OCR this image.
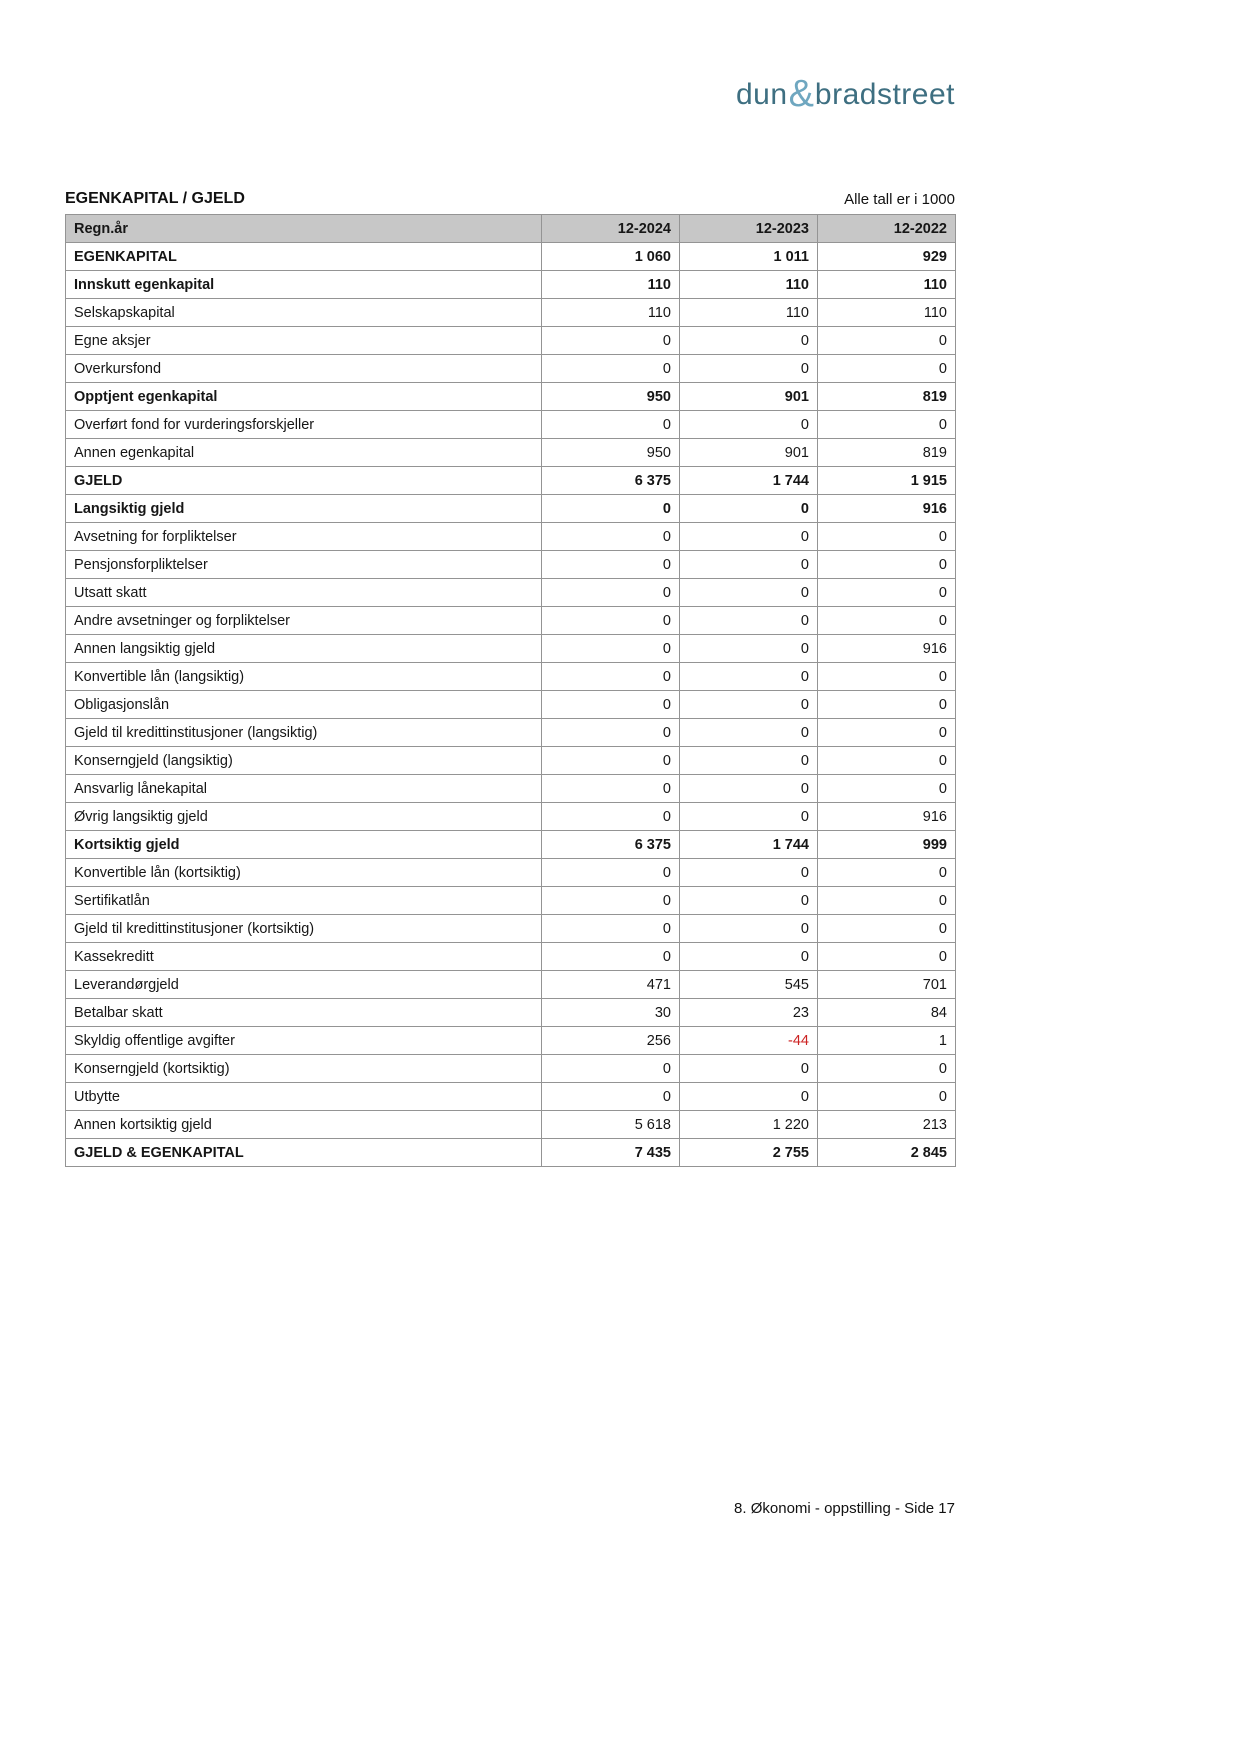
dun&bradstreet
EGENKAPITAL / GJELD	Alle tall er i 1000
Regn.år	12-2024	12-2023	12-2022
EGENKAPITAL	1 060	1 011	929
Innskutt egenkapital	110	110	110
Selskapskapital	110	110	110
Egne aksjer	0	0	0
Overkursfond	0	0	0
Opptjent egenkapital	950	901	819
Overført fond for vurderingsforskjeller	0	0	0
Annen egenkapital	950	901	819
GJELD	6 375	1 744	1 915
Langsiktig gjeld	0	0	916
Avsetning for forpliktelser	0	0	0
Pensjonsforpliktelser	0	0	0
Utsatt skatt	0	0	0
Andre avsetninger og forpliktelser	0	0	0
Annen langsiktig gjeld	0	0	916
Konvertible lån (langsiktig)	0	0	0
Obligasjonslån	0	0	0
Gjeld til kredittinstitusjoner (langsiktig)	0	0	0
Konserngjeld (langsiktig)	0	0	0
Ansvarlig lånekapital	0	0	0
Øvrig langsiktig gjeld	0	0	916
Kortsiktig gjeld	6 375	1 744	999
Konvertible lån (kortsiktig)	0	0	0
Sertifikatlån	0	0	0
Gjeld til kredittinstitusjoner (kortsiktig)	0	0	0
Kassekreditt	0	0	0
Leverandørgjeld	471	545	701
Betalbar skatt	30	23	84
Skyldig offentlige avgifter	256	-44	1
Konserngjeld (kortsiktig)	0	0	0
Utbytte	0	0	0
Annen kortsiktig gjeld	5 618	1 220	213
GJELD & EGENKAPITAL	7 435	2 755	2 845
8. Økonomi - oppstilling - Side 17
